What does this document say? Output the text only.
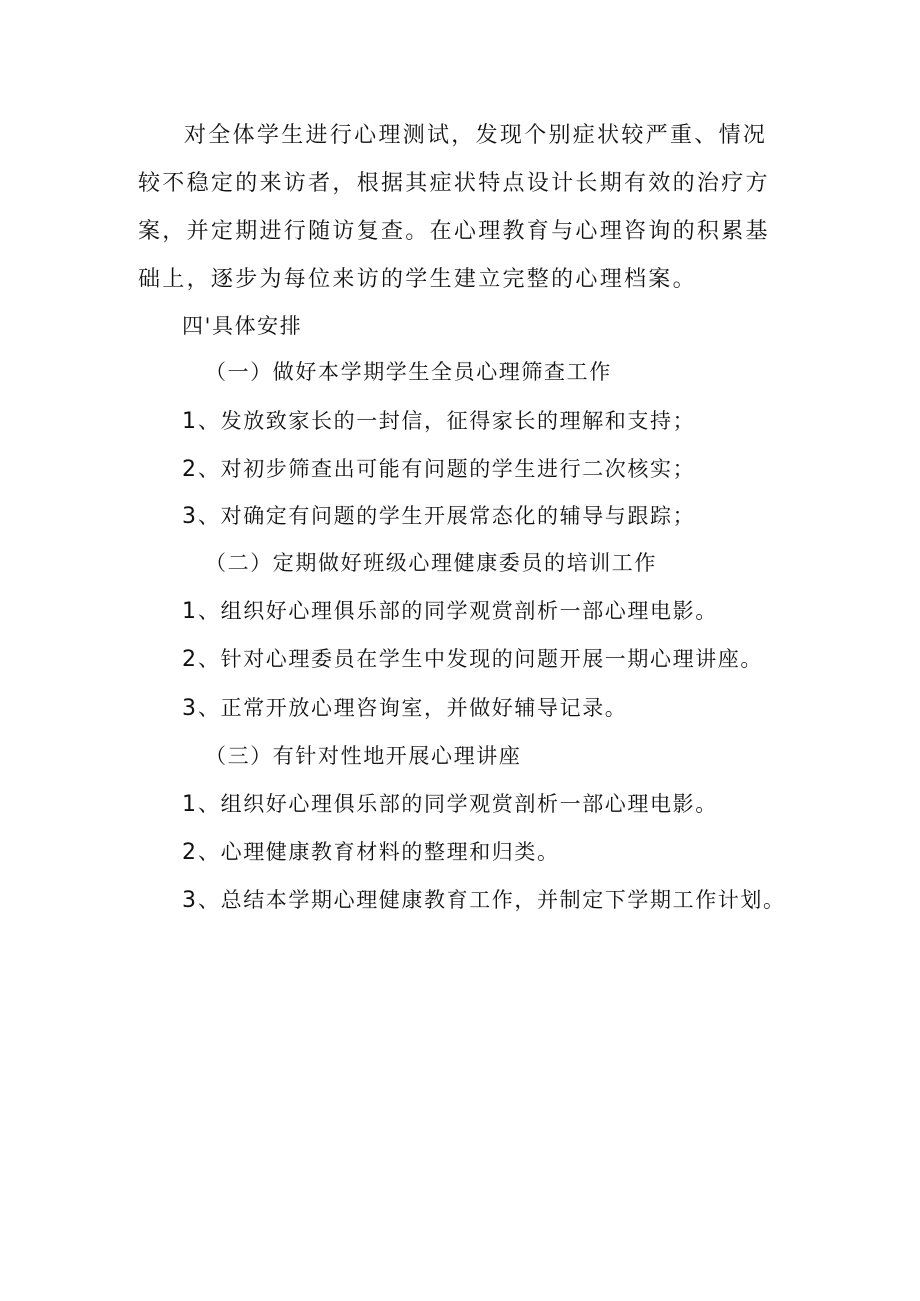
对全体学生进行心理测试，发现个别症状较严重、情况较不稳定的来访者，根据其症状特点设计长期有效的治疗方案，并定期进行随访复查。在心理教育与心理咨询的积累基础上，逐步为每位来访的学生建立完整的心理档案。

四'具体安排
（一）做好本学期学生全员心理筛查工作
1、发放致家长的一封信，征得家长的理解和支持；
2、对初步筛查出可能有问题的学生进行二次核实；
3、对确定有问题的学生开展常态化的辅导与跟踪；
（二）定期做好班级心理健康委员的培训工作
1、组织好心理俱乐部的同学观赏剖析一部心理电影。
2、针对心理委员在学生中发现的问题开展一期心理讲座。
3、正常开放心理咨询室，并做好辅导记录。
（三）有针对性地开展心理讲座
1、组织好心理俱乐部的同学观赏剖析一部心理电影。
2、心理健康教育材料的整理和归类。
3、总结本学期心理健康教育工作，并制定下学期工作计划。
